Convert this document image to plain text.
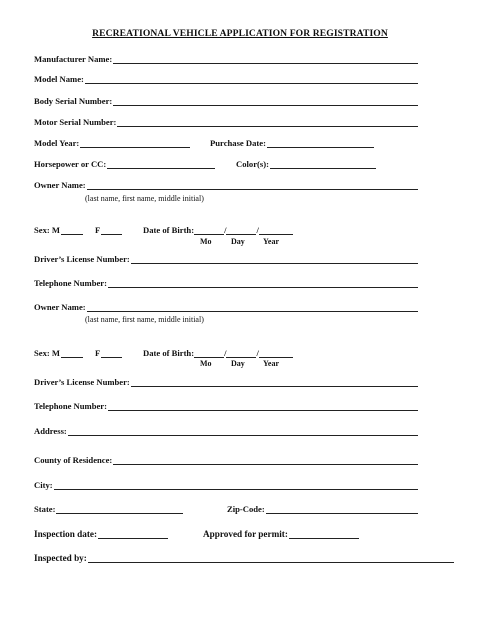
RECREATIONAL VEHICLE APPLICATION FOR REGISTRATION
Manufacturer Name:
Model Name:
Body Serial Number:
Motor Serial Number:
Model Year:	Purchase Date:
Horsepower or CC:	Color(s):
Owner Name:
(last name, first name, middle initial)
Sex: M	F	Date of Birth:	/	/
Mo Day Year
Driver’s License Number:
Telephone Number:
Owner Name:
(last name, first name, middle initial)
Sex: M	F	Date of Birth:	/	/
Mo Day Year
Driver’s License Number:
Telephone Number:
Address:
County of Residence:
City:
State:	Zip-Code:
Inspection date:	Approved for permit:
Inspected by:
